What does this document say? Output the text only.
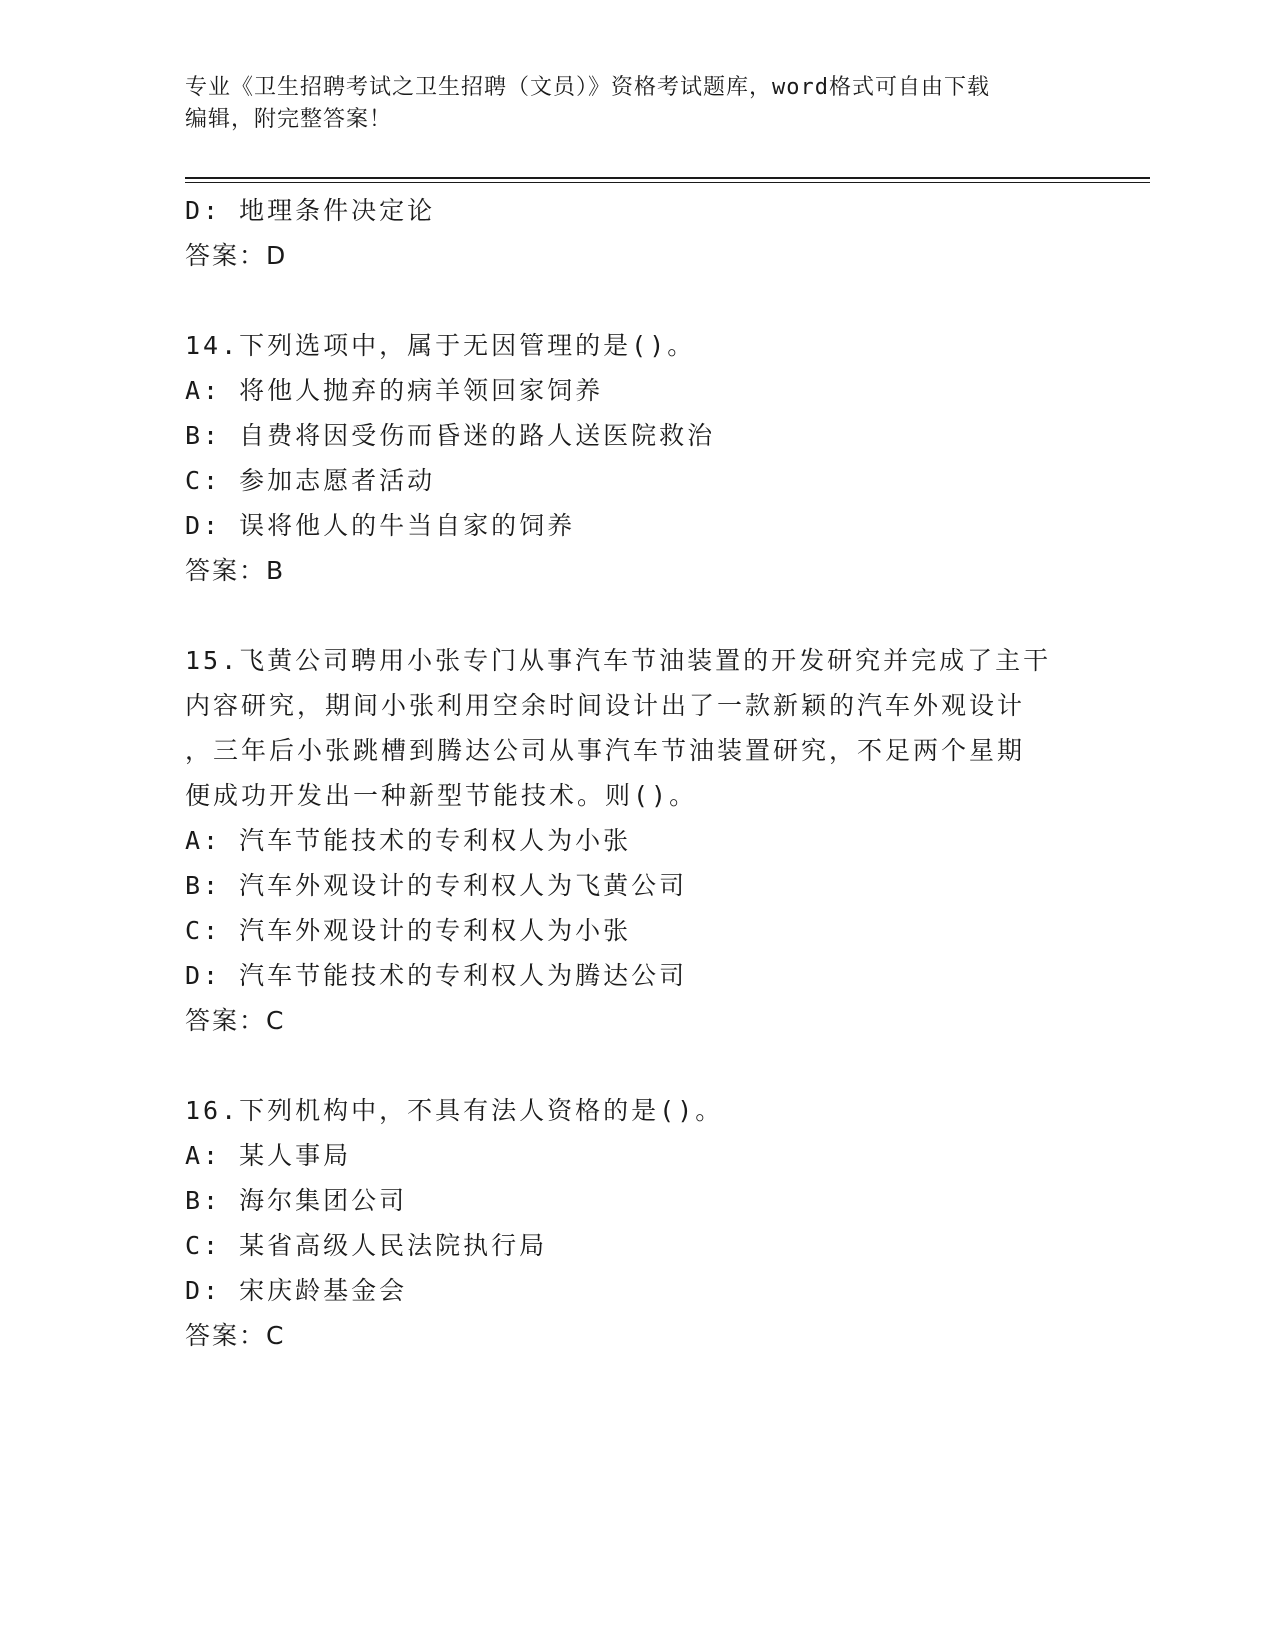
专业《卫生招聘考试之卫生招聘（文员）》资格考试题库，word格式可自由下载
编辑，附完整答案！
D: 地理条件决定论
答案：D
14.下列选项中，属于无因管理的是()。
A: 将他人抛弃的病羊领回家饲养
B: 自费将因受伤而昏迷的路人送医院救治
C: 参加志愿者活动
D: 误将他人的牛当自家的饲养
答案：B
15.飞黄公司聘用小张专门从事汽车节油装置的开发研究并完成了主干
内容研究，期间小张利用空余时间设计出了一款新颖的汽车外观设计
，三年后小张跳槽到腾达公司从事汽车节油装置研究，不足两个星期
便成功开发出一种新型节能技术。则()。
A: 汽车节能技术的专利权人为小张
B: 汽车外观设计的专利权人为飞黄公司
C: 汽车外观设计的专利权人为小张
D: 汽车节能技术的专利权人为腾达公司
答案：C
16.下列机构中，不具有法人资格的是()。
A: 某人事局
B: 海尔集团公司
C: 某省高级人民法院执行局
D: 宋庆龄基金会
答案：C
